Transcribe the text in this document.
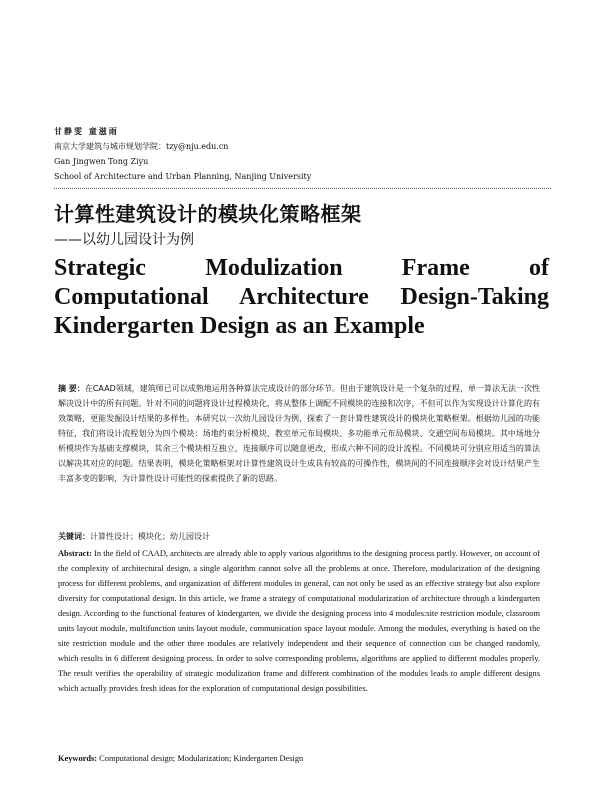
甘静雯 童滋雨
南京大学建筑与城市规划学院：tzy@nju.edu.cn
Gan Jingwen Tong Ziyu
School of Architecture and Urban Planning, Nanjing University
计算性建筑设计的模块化策略框架
——以幼儿园设计为例
Strategic Modulization Frame of Computational Architecture Design-Taking Kindergarten Design as an Example
摘 要：在CAAD领域，建筑师已可以成熟地运用各种算法完成设计的部分环节。但由于建筑设计是一个复杂的过程，单一算法无法一次性解决设计中的所有问题。针对不同的问题将设计过程模块化，将从整体上调配不同模块的连接和次序，不但可以作为实现设计计算化的有效策略，更能发掘设计结果的多样性。本研究以一次幼儿园设计为例，探索了一套计算性建筑设计的模块化策略框架。根据幼儿园的功能特征，我们将设计流程划分为四个模块：场地约束分析模块、教室单元布局模块、多功能单元布局模块、交通空间布局模块。其中场地分析模块作为基础支撑模块，其余三个模块相互独立，连接顺序可以随意更改，形成六种不同的设计流程。不同模块可分别应用适当的算法以解决其对应的问题。结果表明，模块化策略框架对计算性建筑设计生成具有较高的可操作性，模块间的不同连接顺序会对设计结果产生丰富多变的影响，为计算性设计可能性的探索提供了新的思路。
关键词：计算性设计；模块化；幼儿园设计
Abstract: In the field of CAAD, architects are already able to apply various algorithms to the designing process partly. However, on account of the complexity of architectural design, a single algorithm cannot solve all the problems at once. Therefore, modularization of the designing process for different problems, and organization of different modules in general, can not only be used as an effective strategy but also explore diversity for computational design. In this article, we frame a strategy of computational modularization of architecture through a kindergarten design. According to the functional features of kindergarten, we divide the designing process into 4 modules:site restriction module, classroom units layout module, multifunction units layout module, communication space layout module. Among the modules, everything is based on the site restriction module and the other three modules are relatively independent and their sequence of connection can be changed randomly, which results in 6 different designing process. In order to solve corresponding problems, algorithms are applied to different modules properly. The result verifies the operability of strategic modulization frame and different combination of the modules leads to ample different designs which actually provides fresh ideas for the exploration of computational design possibilities.
Keywords: Computational design; Modularization; Kindergarten Design
